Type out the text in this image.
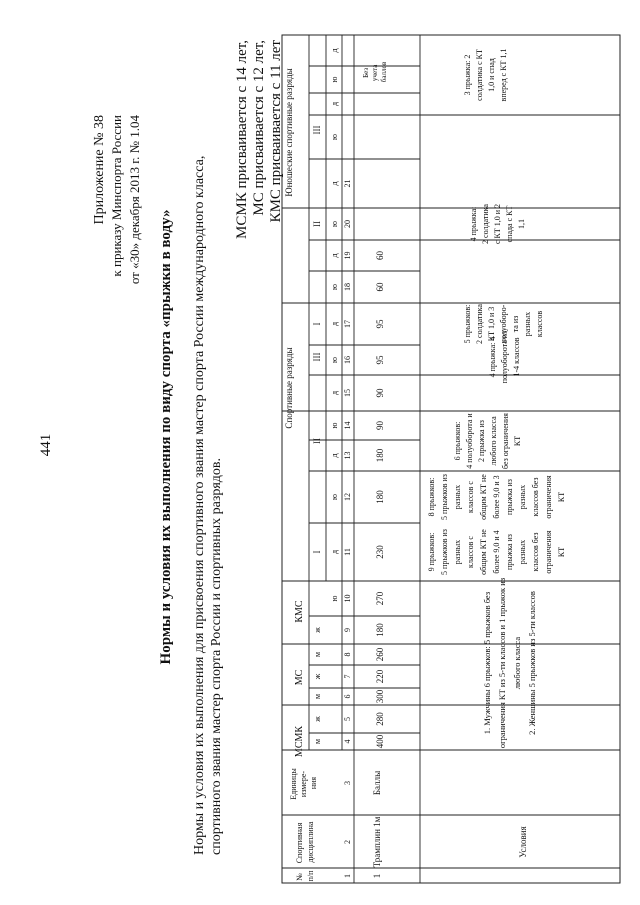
441
Приложение № 38 к приказу Минспорта России от «30» декабря 2013 г. № 1.04
Нормы и условия их выполнения по виду спорта «прыжки в воду»
МСМК присваивается с 14 лет, МС присваивается с 12 лет, КМС присваивается с 11 лет
Нормы и условия их выполнения для присвоения спортивного звания мастер спорта России международного класса, спортивного звания мастер спорта России и спортивных разрядов.
№ п/п
Спортивная дисциплина
Единицы измере- ния
МСМК
МС
КМС
Спортивные разряды
Юношеские спортивные разряды
I
II
III
I
II
III
м
ж
м
ж
м
ж
ю
д
ю
д
ю
д
ю
д
ю
д
ю
д
ю
д
ю
д
1
2
3
4
5
6
7
8
9
10
11
12
13
14
15
16
17
18
19
20
21
400
280
300
220
260
180
270
230
180
180
90
90
95
95
60
60
1
Трамплин 1м
Баллы
Без учета баллов
Условия
1. Мужчины 6 прыжков: 5 прыжков без ограничения КТ из 5-ти классов и 1 прыжок из любого класса 2. Женщины 5 прыжков из 5-ти классов
9 прыжков: 5 прыжков из разных классов с общим КТ не более 9,0 и 4 прыжка из разных классов без ограничения КТ
8 прыжков: 5 прыжков из разных классов с общим КТ не более 9,0 и 3 прыжка из разных классов без ограничения КТ
6 прыжков: 4 полуоборота и 2 прыжка из любого класса без ограничения КТ
4 прыжка: 4 полуоборота из 1-4 классов
5 прыжков: 2 солдатика КТ 1,0 и 3 полуоборо- та из разных классов
4 прыжка: 2 солдатика с КТ 1,0 и 2 спада с КТ 1,1
3 прыжка: 2 солдатика с КТ 1,0 и спад вперед с КТ 1,1
